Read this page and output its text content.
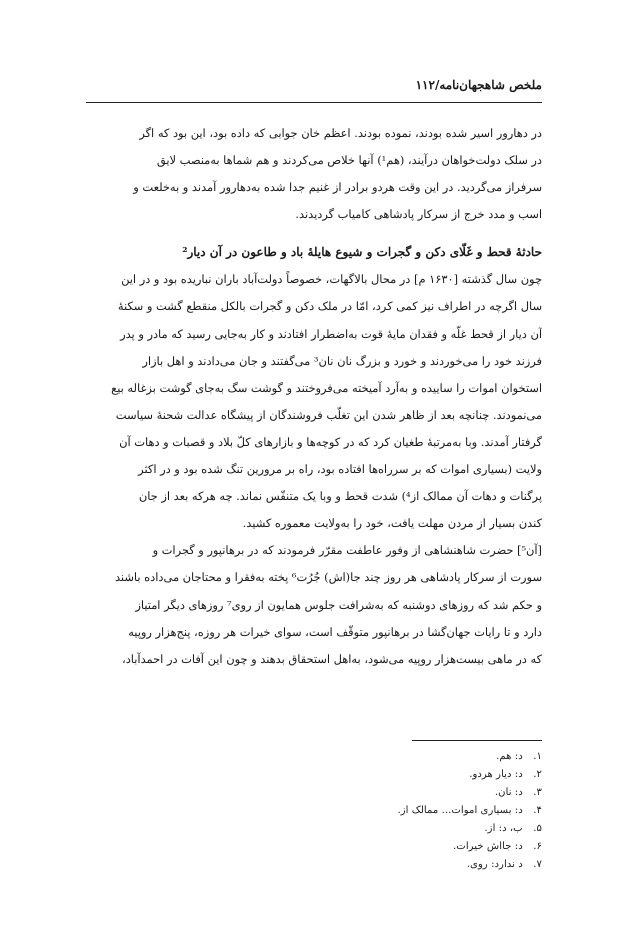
ملخص شاهجهان‌نامه/۱۱۲

در دهارور اسیر شده بودند، نموده بودند. اعظم خان جوابی که داده بود، این بود که اگر
در سلک دولت‌خواهان درآیند، (هم¹) آنها خلاص می‌کردند و هم شماها به‌منصب لایق
سرفراز می‌گردید. در این وقت هردو برادر از غنیم جدا شده به‌دهارور آمدند و به‌خلعت و
اسب و مدد خرج از سرکار پادشاهی کامیاب گردیدند.

حادثهٔ قحط و غَلّای دکن و گجرات و شیوع هایلهٔ باد و طاعون در آن دیار²

چون سال گذشته [۱۶۳۰ م] در محال بالاگهات، خصوصاً دولت‌آباد باران نباریده بود و در این
سال اگرچه در اطراف نیز کمی کرد، امّا در ملک دکن و گجرات بالکل منقطع گشت و سکنهٔ
آن دیار از قحط غلّه و فقدان مایهٔ قوت به‌اضطرار افتادند و کار به‌جایی رسید که مادر و پدر
فرزند خود را می‌خوردند و خورد و بزرگ نان نان³ می‌گفتند و جان می‌دادند و اهل بازار
استخوان اموات را ساییده و به‌آرد آمیخته می‌فروختند و گوشت سگ به‌جای گوشت بزغاله بیع
می‌نمودند. چنانچه بعد از ظاهر شدن این تغلّب فروشندگان از پیشگاه عدالت شحنهٔ سیاست
گرفتار آمدند. وبا به‌مرتبهٔ طغیان کرد که در کوچه‌ها و بازارهای کلّ بلاد و قصبات و دهات آن
ولایت (بسیاری اموات که بر سرراه‌ها افتاده بود، راه بر مرورین تنگ شده بود و در اکثر
پرگنات و دهات آن ممالک از⁴) شدت قحط و وبا یک متنفّس نماند. چه هرکه بعد از جان
کندن بسیار از مردن مهلت یافت، خود را به‌ولایت معموره کشید.

[آن⁵] حضرت شاهنشاهی از وفور عاطفت مقرّر فرمودند که در برهانپور و گجرات و
سورت از سرکار پادشاهی هر روز چند جا(اش) جُرُت⁶ پخته به‌فقرا و محتاجان می‌داده باشند
و حکم شد که روزهای دوشنبه که به‌شرافت جلوس همایون از روی⁷ روزهای دیگر امتیاز
دارد و تا رایات جهان‌گشا در برهانپور متوقّف است، سوای خیرات هر روزه، پنج‌هزار روپیه
که در ماهی بیست‌هزار روپیه می‌شود، به‌اهل استحقاق بدهند و چون این آفات در احمدآباد،

۱. د: هم.
۲. د: دیار هردو.
۳. د: نان.
۴. د: بسیاری اموات... ممالک از.
۵. ب، د: از.
۶. د: جااش خیرات.
۷. د ندارد: روی.
